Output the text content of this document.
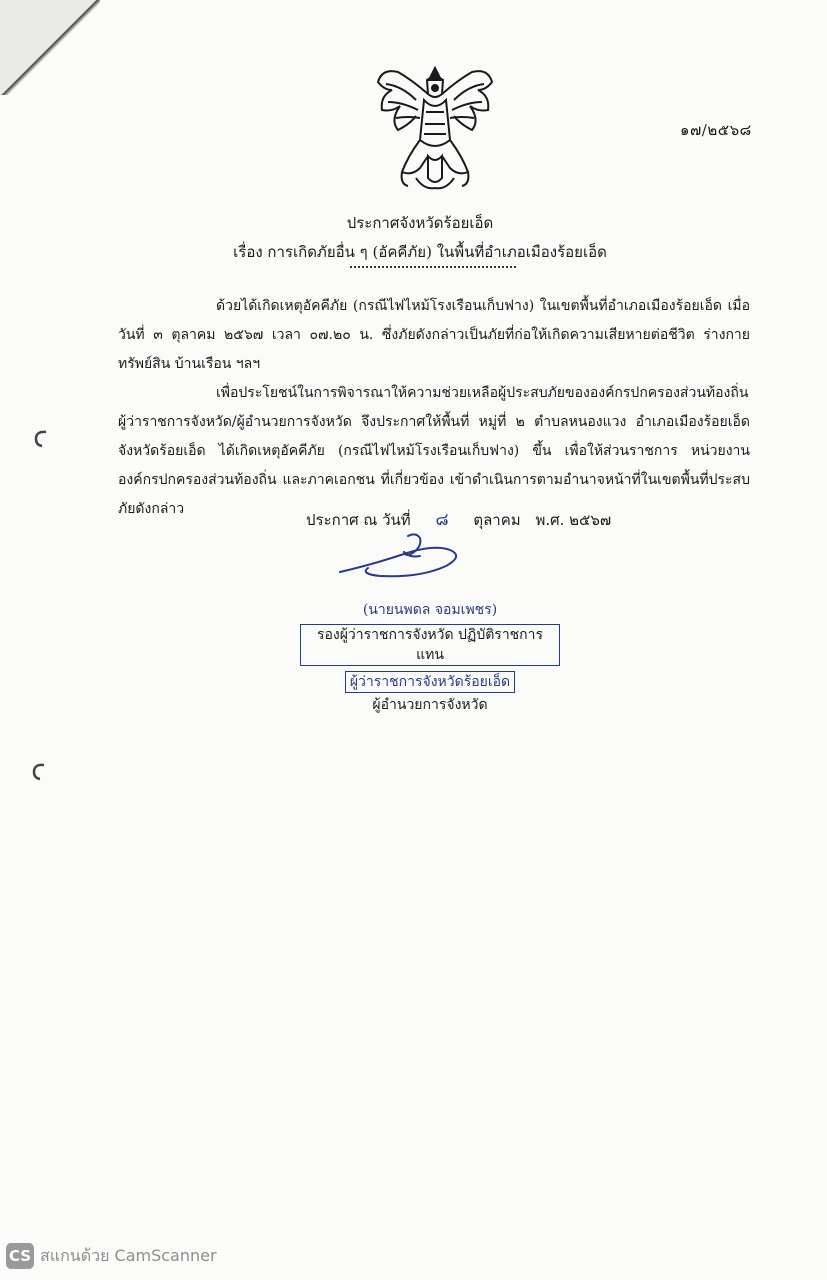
๑๗/๒๕๖๘
ประกาศจังหวัดร้อยเอ็ด
เรื่อง การเกิดภัยอื่น ๆ (อัคคีภัย) ในพื้นที่อำเภอเมืองร้อยเอ็ด
ด้วยได้เกิดเหตุอัคคีภัย (กรณีไฟไหม้โรงเรือนเก็บฟาง) ในเขตพื้นที่อำเภอเมืองร้อยเอ็ด เมื่อวันที่ ๓ ตุลาคม ๒๕๖๗ เวลา ๐๗.๒๐ น. ซึ่งภัยดังกล่าวเป็นภัยที่ก่อให้เกิดความเสียหายต่อชีวิต ร่างกาย ทรัพย์สิน บ้านเรือน ฯลฯ
เพื่อประโยชน์ในการพิจารณาให้ความช่วยเหลือผู้ประสบภัยขององค์กรปกครองส่วนท้องถิ่น ผู้ว่าราชการจังหวัด/ผู้อำนวยการจังหวัด จึงประกาศให้พื้นที่ หมู่ที่ ๒ ตำบลหนองแวง อำเภอเมืองร้อยเอ็ด จังหวัดร้อยเอ็ด ได้เกิดเหตุอัคคีภัย (กรณีไฟไหม้โรงเรือนเก็บฟาง) ขึ้น เพื่อให้ส่วนราชการ หน่วยงาน องค์กรปกครองส่วนท้องถิ่น และภาคเอกชน ที่เกี่ยวข้อง เข้าดำเนินการตามอำนาจหน้าที่ในเขตพื้นที่ประสบภัยดังกล่าว
ประกาศ ณ วันที่ ๘ ตุลาคม พ.ศ. ๒๕๖๗
(นายนพดล จอมเพชร)
รองผู้ว่าราชการจังหวัด ปฏิบัติราชการแทน
ผู้ว่าราชการจังหวัดร้อยเอ็ด
ผู้อำนวยการจังหวัด
CS สแกนด้วย CamScanner
